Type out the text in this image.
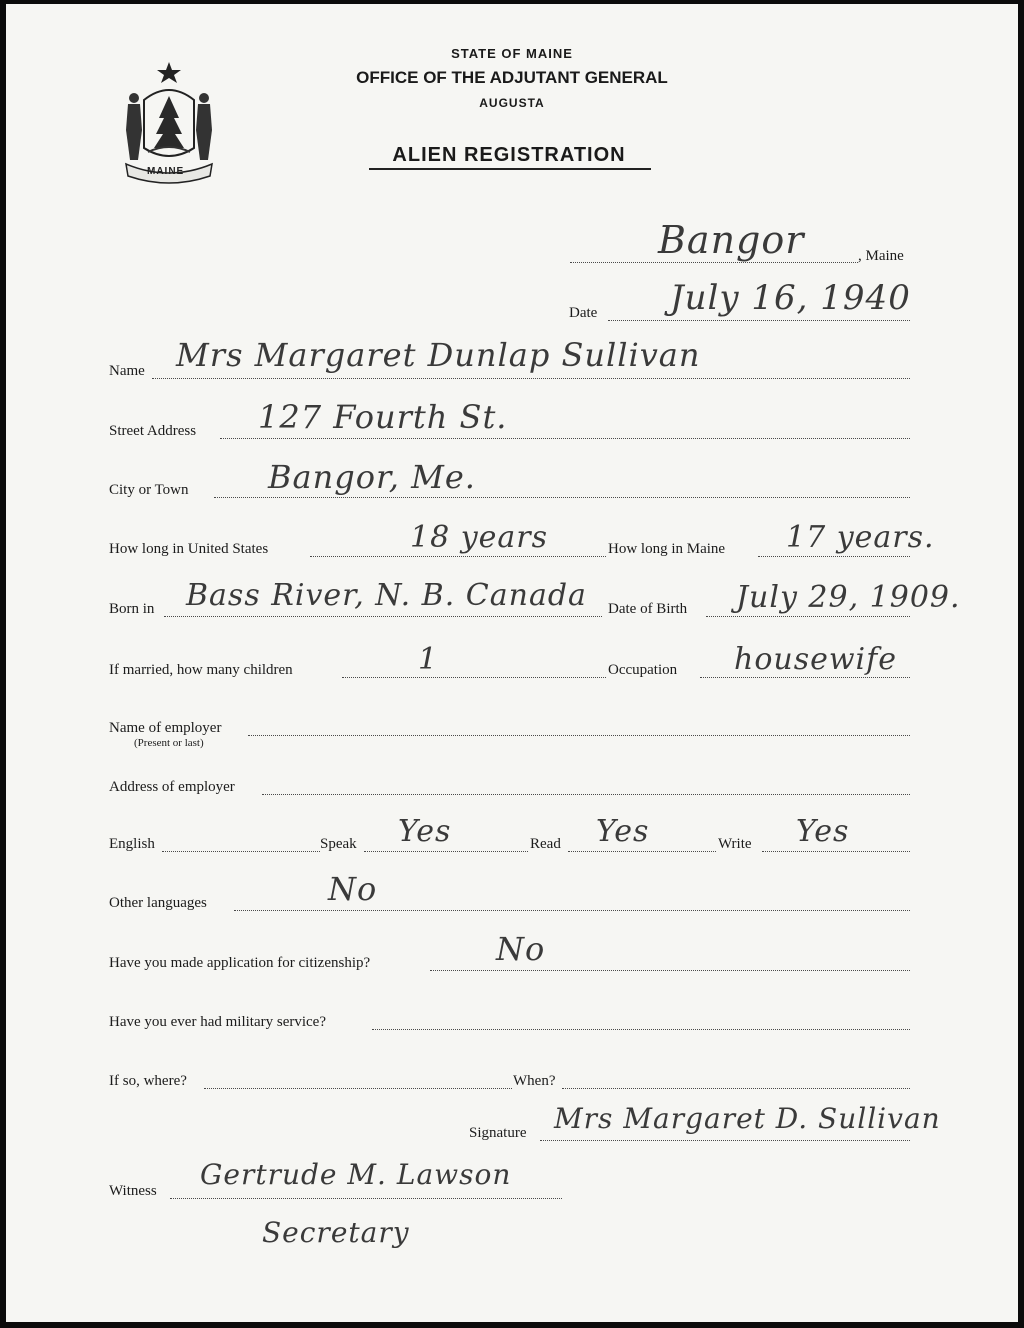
MAINE
STATE OF MAINE
OFFICE OF THE ADJUTANT GENERAL
AUGUSTA
ALIEN REGISTRATION
Bangor	, Maine
Date July 16, 1940
Name Mrs Margaret Dunlap Sullivan
Street Address 127 Fourth St.
City or Town Bangor, Me.
How long in United States	18 years	How long in Maine 17 years.
Born in Bass River, N. B. Canada Date of Birth July 29, 1909.
If married, how many children	1	Occupation housewife
Name of employer
(Present or last)
Address of employer
English	Speak Yes	Read Yes	Write Yes
Other languages	No
Have you made application for citizenship?	No
Have you ever had military service?
If so, where?	When?
Signature Mrs Margaret D. Sullivan
Witness Gertrude M. Lawson
Secretary
